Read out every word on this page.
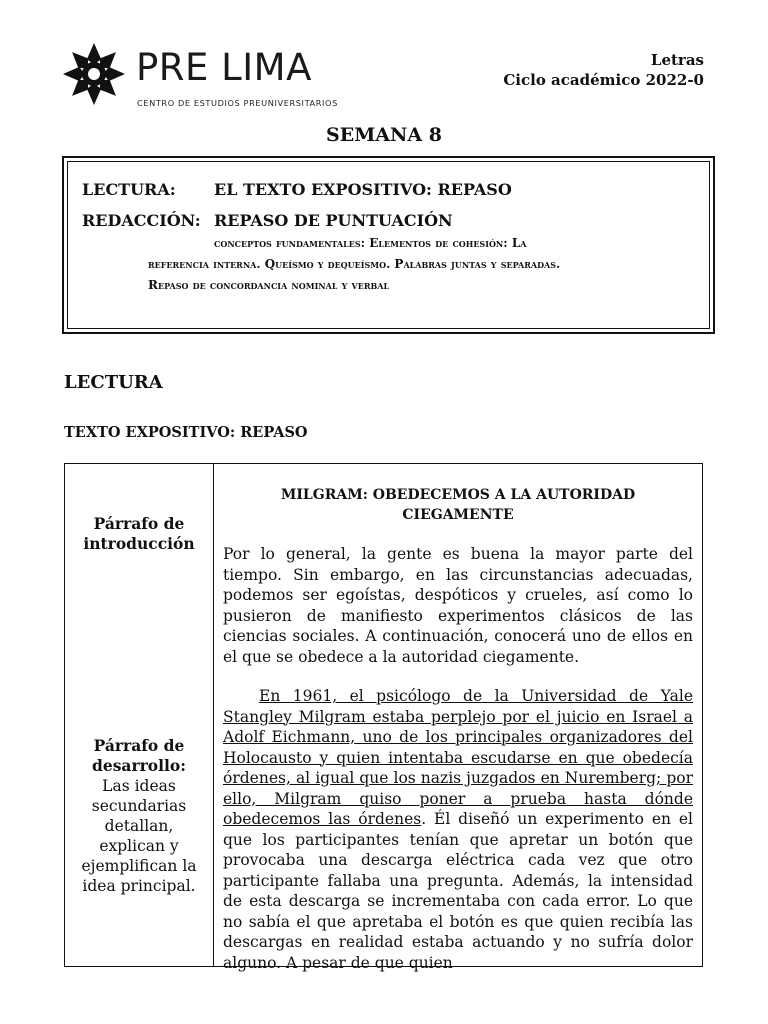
PRE LIMA
CENTRO DE ESTUDIOS PREUNIVERSITARIOS
Letras
Ciclo académico 2022-0
SEMANA 8
LECTURA: EL TEXTO EXPOSITIVO: REPASO
REDACCIÓN: REPASO DE PUNTUACIÓN

conceptos fundamentales: Elementos de cohesión: La

referencia interna. Queísmo y dequeísmo. Palabras juntas y separadas.

Repaso de concordancia nominal y verbal

LECTURA
TEXTO EXPOSITIVO: REPASO
Párrafo de introducción
Párrafo de desarrollo:
Las ideas secundarias detallan, explican y ejemplifican la idea principal.
MILGRAM: OBEDECEMOS A LA AUTORIDAD CIEGAMENTE

Por lo general, la gente es buena la mayor parte del tiempo. Sin embargo, en las circunstancias adecuadas, podemos ser egoístas, despóticos y crueles, así como lo pusieron de manifiesto experimentos clásicos de las ciencias sociales. A continuación, conocerá uno de ellos en el que se obedece a la autoridad ciegamente.

En 1961, el psicólogo de la Universidad de Yale Stangley Milgram estaba perplejo por el juicio en Israel a Adolf Eichmann, uno de los principales organizadores del Holocausto y quien intentaba escudarse en que obedecía órdenes, al igual que los nazis juzgados en Nuremberg; por ello, Milgram quiso poner a prueba hasta dónde obedecemos las órdenes. Él diseñó un experimento en el que los participantes tenían que apretar un botón que provocaba una descarga eléctrica cada vez que otro participante fallaba una pregunta. Además, la intensidad de esta descarga se incrementaba con cada error. Lo que no sabía el que apretaba el botón es que quien recibía las descargas en realidad estaba actuando y no sufría dolor alguno. A pesar de que quien
